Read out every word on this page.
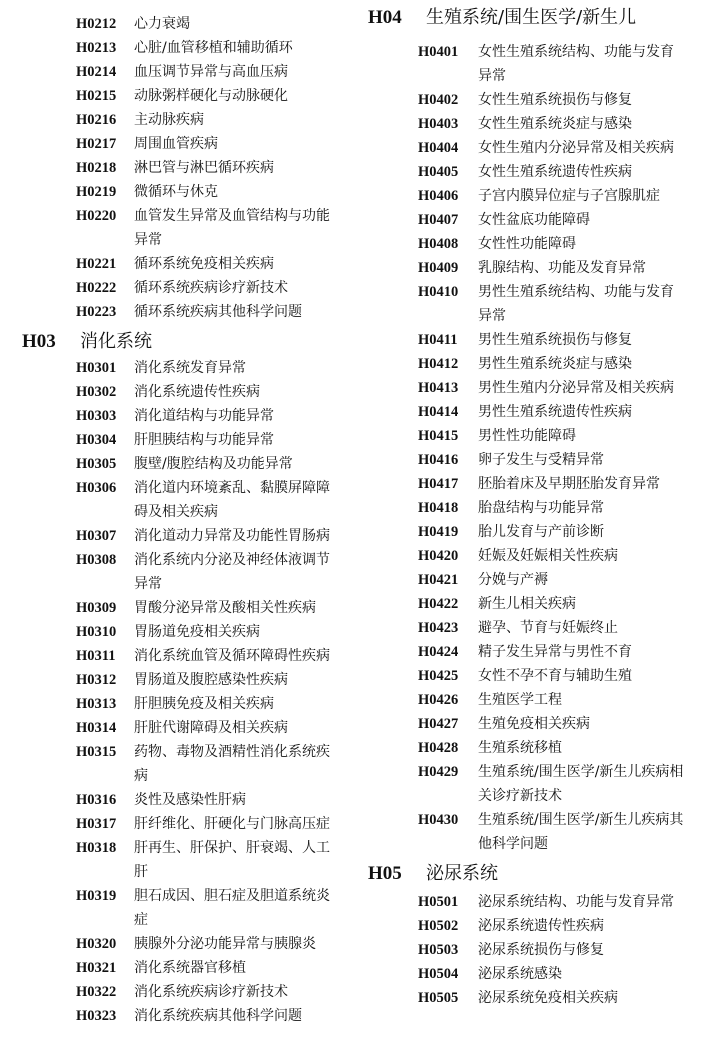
H0212	心力衰竭
H0213	心脏/血管移植和辅助循环
H0214	血压调节异常与高血压病
H0215	动脉粥样硬化与动脉硬化
H0216	主动脉疾病
H0217	周围血管疾病
H0218	淋巴管与淋巴循环疾病
H0219	微循环与休克
H0220	血管发生异常及血管结构与功能异常
H0221	循环系统免疫相关疾病
H0222	循环系统疾病诊疗新技术
H0223	循环系统疾病其他科学问题
H03 消化系统
H0301	消化系统发育异常
H0302	消化系统遗传性疾病
H0303	消化道结构与功能异常
H0304	肝胆胰结构与功能异常
H0305	腹壁/腹腔结构及功能异常
H0306	消化道内环境紊乱、黏膜屏障障碍及相关疾病
H0307	消化道动力异常及功能性胃肠病
H0308	消化系统内分泌及神经体液调节异常
H0309	胃酸分泌异常及酸相关性疾病
H0310	胃肠道免疫相关疾病
H0311	消化系统血管及循环障碍性疾病
H0312	胃肠道及腹腔感染性疾病
H0313	肝胆胰免疫及相关疾病
H0314	肝脏代谢障碍及相关疾病
H0315	药物、毒物及酒精性消化系统疾病
H0316	炎性及感染性肝病
H0317	肝纤维化、肝硬化与门脉高压症
H0318	肝再生、肝保护、肝衰竭、人工肝
H0319	胆石成因、胆石症及胆道系统炎症
H0320	胰腺外分泌功能异常与胰腺炎
H0321	消化系统器官移植
H0322	消化系统疾病诊疗新技术
H0323	消化系统疾病其他科学问题
H04 生殖系统/围生医学/新生儿
H0401	女性生殖系统结构、功能与发育异常
H0402	女性生殖系统损伤与修复
H0403	女性生殖系统炎症与感染
H0404	女性生殖内分泌异常及相关疾病
H0405	女性生殖系统遗传性疾病
H0406	子宫内膜异位症与子宫腺肌症
H0407	女性盆底功能障碍
H0408	女性性功能障碍
H0409	乳腺结构、功能及发育异常
H0410	男性生殖系统结构、功能与发育异常
H0411	男性生殖系统损伤与修复
H0412	男性生殖系统炎症与感染
H0413	男性生殖内分泌异常及相关疾病
H0414	男性生殖系统遗传性疾病
H0415	男性性功能障碍
H0416	卵子发生与受精异常
H0417	胚胎着床及早期胚胎发育异常
H0418	胎盘结构与功能异常
H0419	胎儿发育与产前诊断
H0420	妊娠及妊娠相关性疾病
H0421	分娩与产褥
H0422	新生儿相关疾病
H0423	避孕、节育与妊娠终止
H0424	精子发生异常与男性不育
H0425	女性不孕不育与辅助生殖
H0426	生殖医学工程
H0427	生殖免疫相关疾病
H0428	生殖系统移植
H0429	生殖系统/围生医学/新生儿疾病相关诊疗新技术
H0430	生殖系统/围生医学/新生儿疾病其他科学问题
H05 泌尿系统
H0501	泌尿系统结构、功能与发育异常
H0502	泌尿系统遗传性疾病
H0503	泌尿系统损伤与修复
H0504	泌尿系统感染
H0505	泌尿系统免疫相关疾病
